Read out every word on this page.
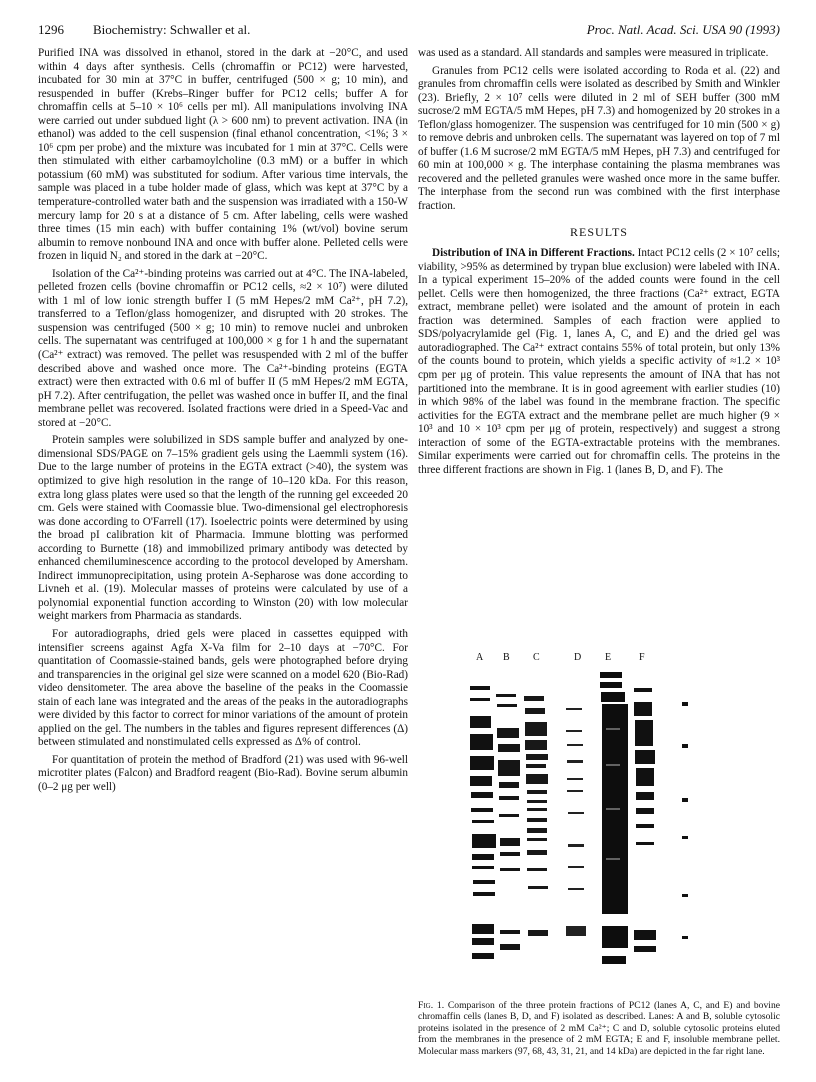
1296 Biochemistry: Schwaller et al.	Proc. Natl. Acad. Sci. USA 90 (1993)

Purified INA was dissolved in ethanol, stored in the dark at −20°C, and used within 4 days after synthesis. Cells (chromaffin or PC12) were harvested, incubated for 30 min at 37°C in buffer, centrifuged (500 × g; 10 min), and resuspended in buffer (Krebs–Ringer buffer for PC12 cells; buffer A for chromaffin cells at 5–10 × 10⁶ cells per ml). All manipulations involving INA were carried out under subdued light (λ > 600 nm) to prevent activation. INA (in ethanol) was added to the cell suspension (final ethanol concentration, <1%; 3 × 10⁶ cpm per probe) and the mixture was incubated for 1 min at 37°C. Cells were then stimulated with either carbamoylcholine (0.3 mM) or a buffer in which potassium (60 mM) was substituted for sodium. After various time intervals, the sample was placed in a tube holder made of glass, which was kept at 37°C by a temperature-controlled water bath and the suspension was irradiated with a 150-W mercury lamp for 20 s at a distance of 5 cm. After labeling, cells were washed three times (15 min each) with buffer containing 1% (wt/vol) bovine serum albumin to remove nonbound INA and once with buffer alone. Pelleted cells were frozen in liquid N₂ and stored in the dark at −20°C.

Isolation of the Ca²⁺-binding proteins was carried out at 4°C. The INA-labeled, pelleted frozen cells (bovine chromaffin or PC12 cells, ≈2 × 10⁷) were diluted with 1 ml of low ionic strength buffer I (5 mM Hepes/2 mM Ca²⁺, pH 7.2), transferred to a Teflon/glass homogenizer, and disrupted with 20 strokes. The suspension was centrifuged (500 × g; 10 min) to remove nuclei and unbroken cells. The supernatant was centrifuged at 100,000 × g for 1 h and the supernatant (Ca²⁺ extract) was removed. The pellet was resuspended with 2 ml of the buffer described above and washed once more. The Ca²⁺-binding proteins (EGTA extract) were then extracted with 0.6 ml of buffer II (5 mM Hepes/2 mM EGTA, pH 7.2). After centrifugation, the pellet was washed once in buffer II, and the final membrane pellet was recovered. Isolated fractions were dried in a Speed-Vac and stored at −20°C.

Protein samples were solubilized in SDS sample buffer and analyzed by one-dimensional SDS/PAGE on 7–15% gradient gels using the Laemmli system (16). Due to the large number of proteins in the EGTA extract (>40), the system was optimized to give high resolution in the range of 10–120 kDa. For this reason, extra long glass plates were used so that the length of the running gel exceeded 20 cm. Gels were stained with Coomassie blue. Two-dimensional gel electrophoresis was done according to O'Farrell (17). Isoelectric points were determined by using the broad pI calibration kit of Pharmacia. Immune blotting was performed according to Burnette (18) and immobilized primary antibody was detected by enhanced chemiluminescence according to the protocol developed by Amersham. Indirect immunoprecipitation, using protein A-Sepharose was done according to Livneh et al. (19). Molecular masses of proteins were calculated by use of a polynomial exponential function according to Winston (20) with low molecular weight markers from Pharmacia as standards.

For autoradiographs, dried gels were placed in cassettes equipped with intensifier screens against Agfa X-Va film for 2–10 days at −70°C. For quantitation of Coomassie-stained bands, gels were photographed before drying and transparencies in the original gel size were scanned on a model 620 (Bio-Rad) video densitometer. The area above the baseline of the peaks in the Coomassie stain of each lane was integrated and the areas of the peaks in the autoradiographs were divided by this factor to correct for minor variations of the amount of protein applied on the gel. The numbers in the tables and figures represent differences (Δ) between stimulated and nonstimulated cells expressed as Δ% of control.

For quantitation of protein the method of Bradford (21) was used with 96-well microtiter plates (Falcon) and Bradford reagent (Bio-Rad). Bovine serum albumin (0–2 μg per well)

was used as a standard. All standards and samples were measured in triplicate.

Granules from PC12 cells were isolated according to Roda et al. (22) and granules from chromaffin cells were isolated as described by Smith and Winkler (23). Briefly, 2 × 10⁷ cells were diluted in 2 ml of SEH buffer (300 mM sucrose/2 mM EGTA/5 mM Hepes, pH 7.3) and homogenized by 20 strokes in a Teflon/glass homogenizer. The suspension was centrifuged for 10 min (500 × g) to remove debris and unbroken cells. The supernatant was layered on top of 7 ml of buffer (1.6 M sucrose/2 mM EGTA/5 mM Hepes, pH 7.3) and centrifuged for 60 min at 100,000 × g. The interphase containing the plasma membranes was recovered and the pelleted granules were washed once more in the same buffer. The interphase from the second run was combined with the first interphase fraction.

RESULTS

Distribution of INA in Different Fractions. Intact PC12 cells (2 × 10⁷ cells; viability, >95% as determined by trypan blue exclusion) were labeled with INA. In a typical experiment 15–20% of the added counts were found in the cell pellet. Cells were then homogenized, the three fractions (Ca²⁺ extract, EGTA extract, membrane pellet) were isolated and the amount of protein in each fraction was determined. Samples of each fraction were applied to SDS/polyacrylamide gel (Fig. 1, lanes A, C, and E) and the dried gel was autoradiographed. The Ca²⁺ extract contains 55% of total protein, but only 13% of the counts bound to protein, which yields a specific activity of ≈1.2 × 10³ cpm per μg of protein. This value represents the amount of INA that has not partitioned into the membrane. It is in good agreement with earlier studies (10) in which 98% of the label was found in the membrane fraction. The specific activities for the EGTA extract and the membrane pellet are much higher (9 × 10³ and 10 × 10³ cpm per μg of protein, respectively) and suggest a strong interaction of some of the EGTA-extractable proteins with the membranes. Similar experiments were carried out for chromaffin cells. The proteins in the three different fractions are shown in Fig. 1 (lanes B, D, and F). The

A B C	D E	F
Fig. 1. Comparison of the three protein fractions of PC12 (lanes A, C, and E) and bovine chromaffin cells (lanes B, D, and F) isolated as described. Lanes: A and B, soluble cytosolic proteins isolated in the presence of 2 mM Ca²⁺; C and D, soluble cytosolic proteins eluted from the membranes in the presence of 2 mM EGTA; E and F, insoluble membrane pellet. Molecular mass markers (97, 68, 43, 31, 21, and 14 kDa) are depicted in the far right lane.
